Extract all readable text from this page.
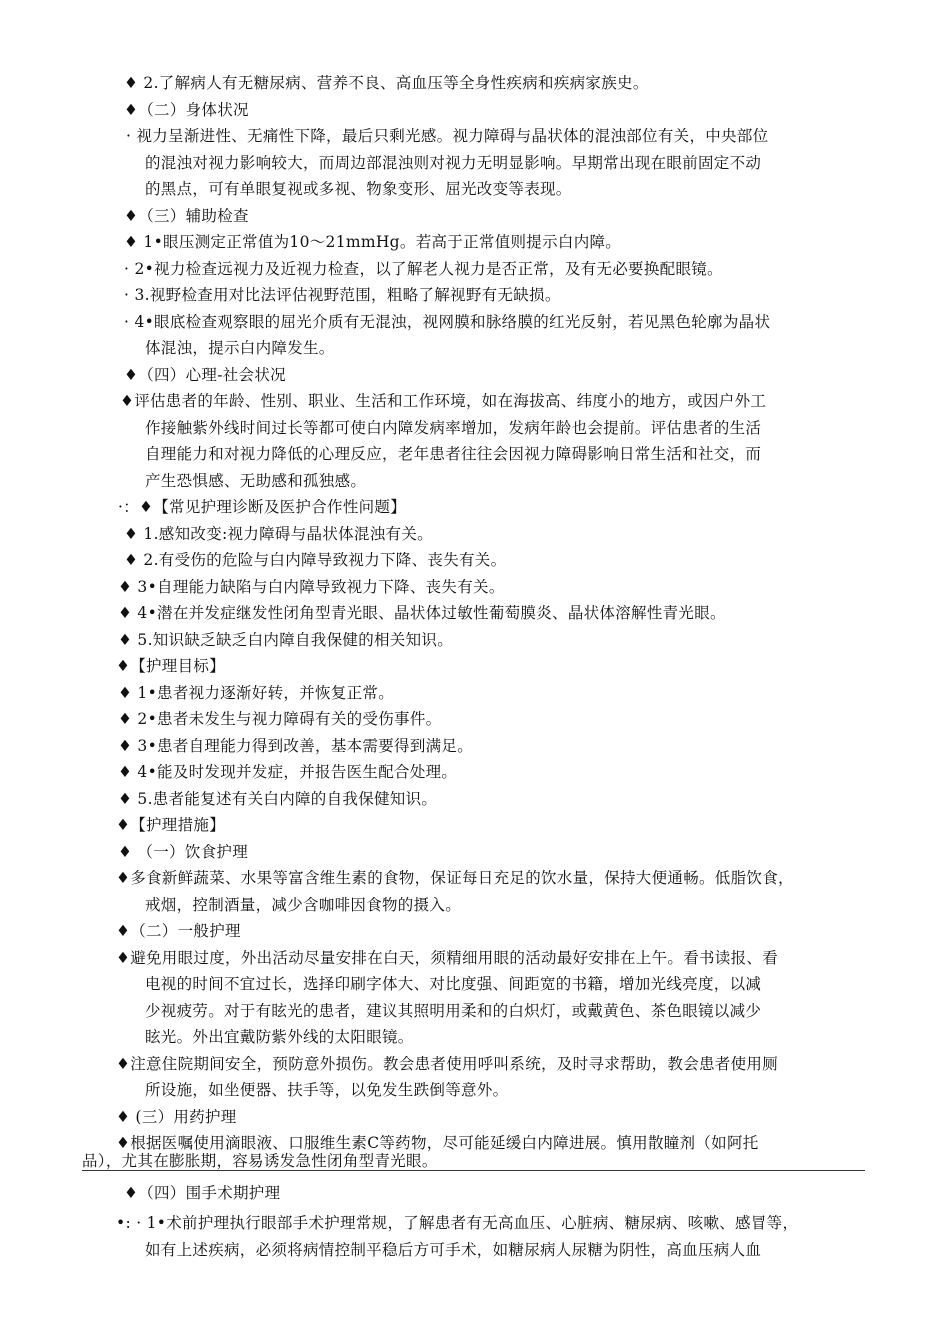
♦ 2.了解病人有无糖尿病、营养不良、高血压等全身性疾病和疾病家族史。
♦（二）身体状况
· 视力呈渐进性、无痛性下降，最后只剩光感。视力障碍与晶状体的混浊部位有关，中央部位
的混浊对视力影响较大，而周边部混浊则对视力无明显影响。早期常出现在眼前固定不动
的黑点，可有单眼复视或多视、物象变形、屈光改变等表现。
♦（三）辅助检查
♦ 1•眼压测定正常值为10〜21mmHg。若高于正常值则提示白内障。
· 2•视力检查远视力及近视力检查，以了解老人视力是否正常，及有无必要换配眼镜。
· 3.视野检查用对比法评估视野范围，粗略了解视野有无缺损。
· 4•眼底检查观察眼的屈光介质有无混浊，视网膜和脉络膜的红光反射，若见黑色轮廓为晶状
体混浊，提示白内障发生。
♦（四）心理-社会状况
♦评估患者的年龄、性别、职业、生活和工作环境，如在海拔高、纬度小的地方，或因户外工
作接触紫外线时间过长等都可使白内障发病率增加，发病年龄也会提前。评估患者的生活
自理能力和对视力降低的心理反应，老年患者往往会因视力障碍影响日常生活和社交，而
产生恐惧感、无助感和孤独感。
·：♦【常见护理诊断及医护合作性问题】
♦ 1.感知改变:视力障碍与晶状体混浊有关。
♦ 2.有受伤的危险与白内障导致视力下降、丧失有关。
♦ 3•自理能力缺陷与白内障导致视力下降、丧失有关。
♦ 4•潜在并发症继发性闭角型青光眼、晶状体过敏性葡萄膜炎、晶状体溶解性青光眼。
♦ 5.知识缺乏缺乏白内障自我保健的相关知识。
♦【护理目标】
♦ 1•患者视力逐渐好转，并恢复正常。
♦ 2•患者未发生与视力障碍有关的受伤事件。
♦ 3•患者自理能力得到改善，基本需要得到满足。
♦ 4•能及时发现并发症，并报告医生配合处理。
♦ 5.患者能复述有关白内障的自我保健知识。
♦【护理措施】
♦ （一）饮食护理
♦多食新鲜蔬菜、水果等富含维生素的食物，保证每日充足的饮水量，保持大便通畅。低脂饮食，
戒烟，控制酒量，减少含咖啡因食物的摄入。
♦（二）一般护理
♦避免用眼过度，外出活动尽量安排在白天，须精细用眼的活动最好安排在上午。看书读报、看
电视的时间不宜过长，选择印刷字体大、对比度强、间距宽的书籍，增加光线亮度，以减
少视疲劳。对于有眩光的患者，建议其照明用柔和的白炽灯，或戴黄色、茶色眼镜以减少
眩光。外出宜戴防紫外线的太阳眼镜。
♦注意住院期间安全，预防意外损伤。教会患者使用呼叫系统，及时寻求帮助，教会患者使用厕
所设施，如坐便器、扶手等，以免发生跌倒等意外。
♦ (三）用药护理
♦根据医嘱使用滴眼液、口服维生素C等药物，尽可能延缓白内障进展。慎用散瞳剂（如阿托
品），尤其在膨胀期，容易诱发急性闭角型青光眼。
♦（四）围手术期护理
•: · 1•术前护理执行眼部手术护理常规，了解患者有无高血压、心脏病、糖尿病、咳嗽、感冒等，
如有上述疾病，必须将病情控制平稳后方可手术，如糖尿病人尿糖为阴性，高血压病人血
